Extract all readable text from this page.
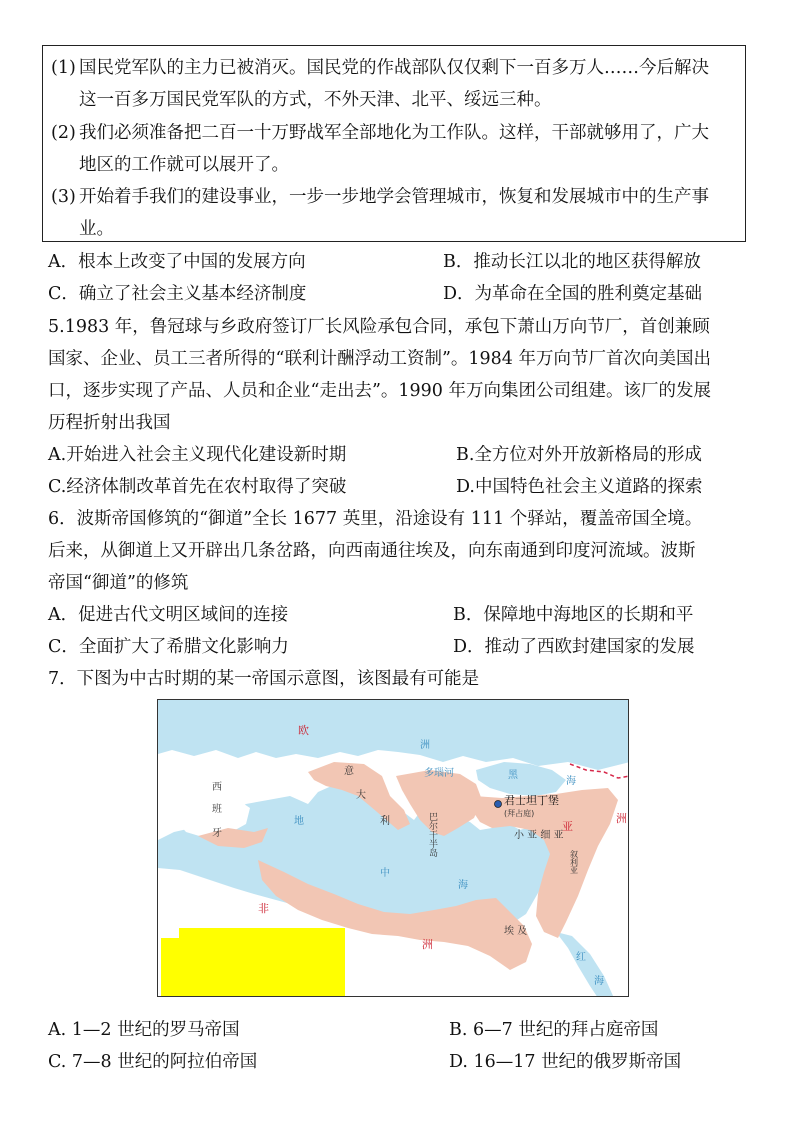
(1) 国民党军队的主力已被消灭。国民党的作战部队仅仅剩下一百多万人……今后解决
这一百多万国民党军队的方式，不外天津、北平、绥远三种。
(2) 我们必须准备把二百一十万野战军全部地化为工作队。这样，干部就够用了，广大
地区的工作就可以展开了。
(3) 开始着手我们的建设事业，一步一步地学会管理城市，恢复和发展城市中的生产事
业。
A．根本上改变了中国的发展方向	B．推动长江以北的地区获得解放
C．确立了社会主义基本经济制度	D．为革命在全国的胜利奠定基础
5.1983 年，鲁冠球与乡政府签订厂长风险承包合同，承包下萧山万向节厂，首创兼顾
国家、企业、员工三者所得的“联利计酬浮动工资制”。1984 年万向节厂首次向美国出
口，逐步实现了产品、人员和企业“走出去”。1990 年万向集团公司组建。该厂的发展
历程折射出我国
A.开始进入社会主义现代化建设新时期	B.全方位对外开放新格局的形成
C.经济体制改革首先在农村取得了突破	D.中国特色社会主义道路的探索
6．波斯帝国修筑的“御道”全长 1677 英里，沿途设有 111 个驿站，覆盖帝国全境。
后来，从御道上又开辟出几条岔路，向西南通往埃及，向东南通到印度河流域。波斯
帝国“御道”的修筑
A．促进古代文明区域间的连接	B．保障地中海地区的长期和平
C．全面扩大了希腊文化影响力	D．推动了西欧封建国家的发展
7．下图为中古时期的某一帝国示意图，该图最有可能是
欧
洲
多瑙河	黑
海
亚
洲
非
洲
西
班
牙
意
大
利	巴尔干半岛
君士坦丁堡
(拜占庭)
小 亚 细 亚
叙利亚
埃 及
地
中
海
红
海
A. 1—2 世纪的罗马帝国	B. 6—7 世纪的拜占庭帝国
C. 7—8 世纪的阿拉伯帝国	D. 16—17 世纪的俄罗斯帝国
